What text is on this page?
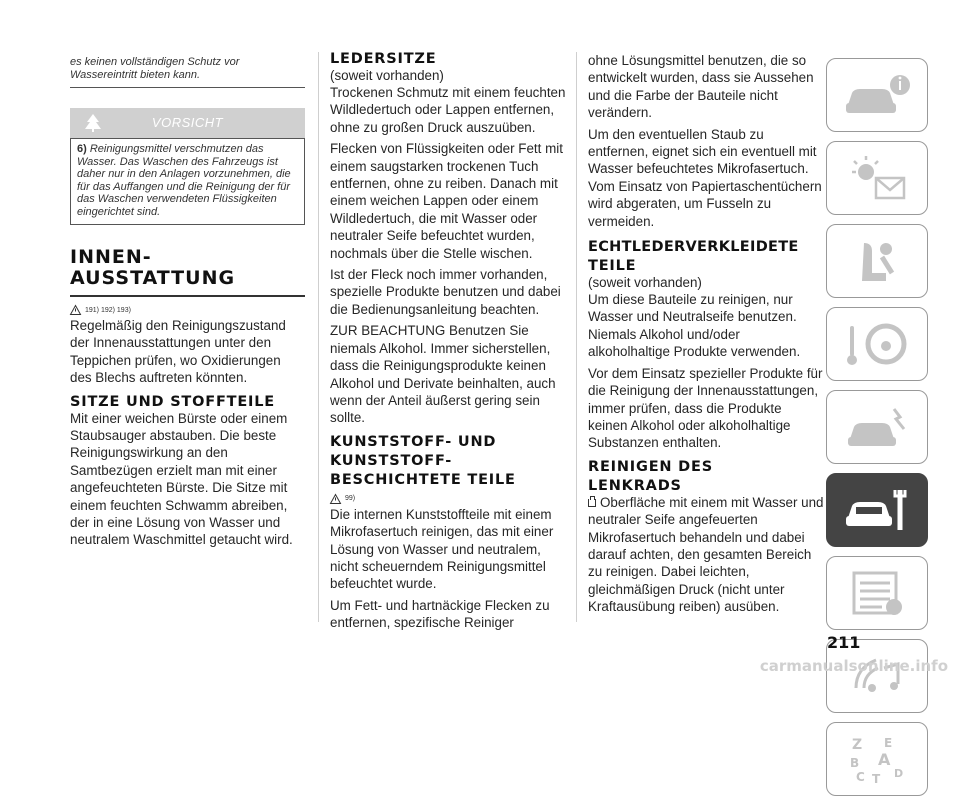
es keinen vollständigen Schutz vor Wassereintritt bieten kann.
VORSICHT
6) Reinigungsmittel verschmutzen das Wasser. Das Waschen des Fahrzeugs ist daher nur in den Anlagen vorzunehmen, die für das Auffangen und die Reinigung der für das Waschen verwendeten Flüssigkeiten eingerichtet sind.
INNEN-
AUSSTATTUNG
191) 192) 193)

Regelmäßig den Reinigungszustand der Innenausstattungen unter den Teppichen prüfen, wo Oxidierungen des Blechs auftreten könnten.

SITZE UND STOFFTEILE

Mit einer weichen Bürste oder einem Staubsauger abstauben. Die beste Reinigungswirkung an den Samtbezügen erzielt man mit einer angefeuchteten Bürste. Die Sitze mit einem feuchten Schwamm abreiben, der in eine Lösung von Wasser und neutralem Waschmittel getaucht wird.

LEDERSITZE
(soweit vorhanden)

Trockenen Schmutz mit einem feuchten Wildledertuch oder Lappen entfernen, ohne zu großen Druck auszuüben.

Flecken von Flüssigkeiten oder Fett mit einem saugstarken trockenen Tuch entfernen, ohne zu reiben. Danach mit einem weichen Lappen oder einem Wildledertuch, die mit Wasser oder neutraler Seife befeuchtet wurden, nochmals über die Stelle wischen.

Ist der Fleck noch immer vorhanden, spezielle Produkte benutzen und dabei die Bedienungsanleitung beachten.

ZUR BEACHTUNG Benutzen Sie niemals Alkohol. Immer sicherstellen, dass die Reinigungsprodukte keinen Alkohol und Derivate beinhalten, auch wenn der Anteil äußerst gering sein sollte.

KUNSTSTOFF- UND
KUNSTSTOFF-
BESCHICHTETE TEILE
99)

Die internen Kunststoffteile mit einem Mikrofasertuch reinigen, das mit einer Lösung von Wasser und neutralem, nicht scheuerndem Reinigungsmittel befeuchtet wurde.

Um Fett- und hartnäckige Flecken zu entfernen, spezifische Reiniger

ohne Lösungsmittel benutzen, die so entwickelt wurden, dass sie Aussehen und die Farbe der Bauteile nicht verändern.

Um den eventuellen Staub zu entfernen, eignet sich ein eventuell mit Wasser befeuchtetes Mikrofasertuch. Vom Einsatz von Papiertaschentüchern wird abgeraten, um Fusseln zu vermeiden.

ECHTLEDERVERKLEIDETE
TEILE
(soweit vorhanden)

Um diese Bauteile zu reinigen, nur Wasser und Neutralseife benutzen. Niemals Alkohol und/oder alkoholhaltige Produkte verwenden.

Vor dem Einsatz spezieller Produkte für die Reinigung der Innenausstattungen, immer prüfen, dass die Produkte keinen Alkohol oder alkoholhaltige Substanzen enthalten.

REINIGEN DES
LENKRADS

Oberfläche mit einem mit Wasser und neutraler Seife angefeuerten Mikrofasertuch behandeln und dabei darauf achten, den gesamten Bereich zu reinigen. Dabei leichten, gleichmäßigen Druck (nicht unter Kraftausübung reiben) ausüben.

Z E
B A
C T D
211
carmanualsonline.info
